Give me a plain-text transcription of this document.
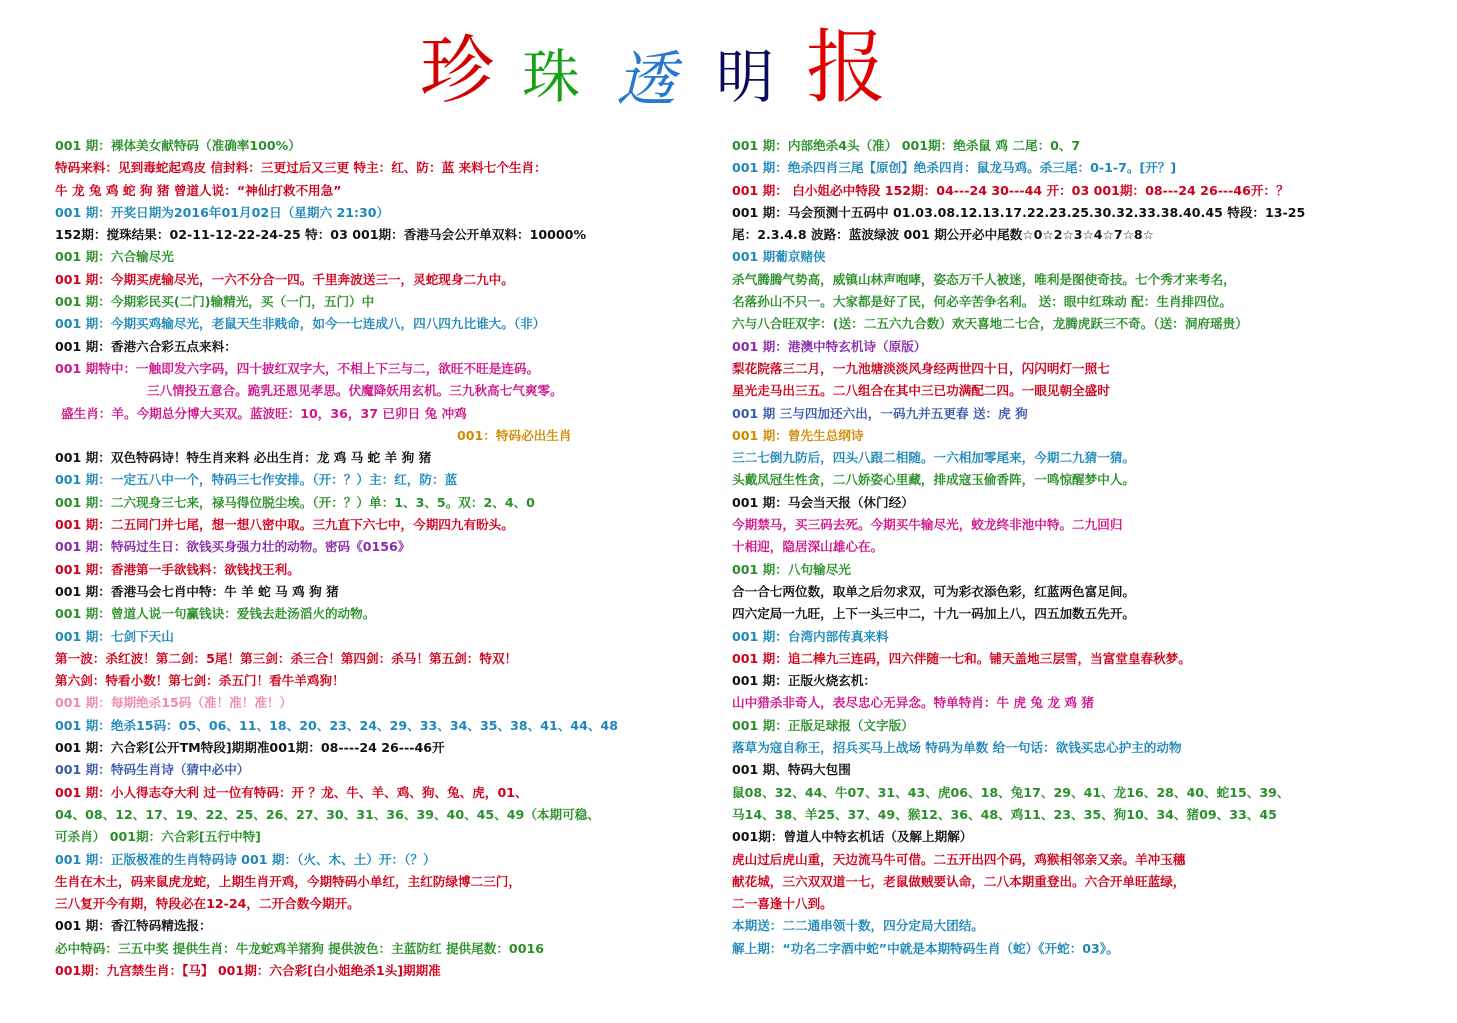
珍 珠 透 明 报
001 期：裸体美女献特码（准确率100%）
特码来料：见到毒蛇起鸡皮 信封料：三更过后又三更 特主：红、防：蓝 来料七个生肖：
牛 龙 兔 鸡 蛇 狗 猪 曾道人说：“神仙打救不用急”
001 期：开奖日期为2016年01月02日（星期六 21:30）
152期：搅珠结果：02-11-12-22-24-25 特：03 001期：香港马会公开单双料：10000%
001 期：六合输尽光
001 期：今期买虎输尽光，一六不分合一四。千里奔波送三一，灵蛇现身二九中。
001 期：今期彩民买(二门)输精光，买（一门，五门）中
001 期：今期买鸡输尽光，老鼠天生非贱命，如今一七连成八，四八四九比谁大。（非）
001 期：香港六合彩五点来料：
001 期特中：一触即发六字码，四十披红双字大，不相上下三与二，欲旺不旺是连码。
三八情投五意合。跪乳还恩见孝思。伏魔降妖用玄机。三九秋高七气爽零。
盛生肖：羊。今期总分博大买双。蓝波旺：10，36，37 已卯日 兔 冲鸡
001：特码必出生肖
001 期：双色特码诗！特生肖来料 必出生肖：龙 鸡 马 蛇 羊 狗 猪
001 期：一定五八中一个，特码三七作安排。（开：？）主：红，防：蓝
001 期：二六现身三七来，禄马得位脱尘埃。（开：？）单：1、3、5。双：2、4、0
001 期：二五同门并七尾，想一想八密中取。三九直下六七中，今期四九有盼头。
001 期：特码过生日：欲钱买身强力壮的动物。密码《0156》
001 期：香港第一手欲钱料：欲钱找王利。
001 期：香港马会七肖中特：牛 羊 蛇 马 鸡 狗 猪
001 期：曾道人说一句赢钱诀：爱钱去赴汤滔火的动物。
001 期：七剑下天山
第一波：杀红波！第二剑：5尾！第三剑：杀三合！第四剑：杀马！第五剑：特双！
第六剑：特看小数！第七剑：杀五门！看牛羊鸡狗！
001 期：每期绝杀15码（准！准！准！）
001 期：绝杀15码：05、06、11、18、20、23、24、29、33、34、35、38、41、44、48
001 期：六合彩[公开TM特段]期期准001期：08----24 26---46开
001 期：特码生肖诗（猜中必中）
001 期：小人得志夺大利 过一位有特码：开 ？龙、牛、羊、鸡、狗、兔、虎，01、
04、08、12、17、19、22、25、26、27、30、31、36、39、40、45、49（本期可稳、
可杀肖） 001期：六合彩[五行中特]
001 期：正版极准的生肖特码诗 001 期：（火、木、土）开：（？）
生肖在木土，码来鼠虎龙蛇，上期生肖开鸡，今期特码小单红，主红防绿博二三门，
三八复开今有期，特段必在12-24，二开合数今期开。
001 期：香江特码精选报：
必中特码：三五中奖 提供生肖：牛龙蛇鸡羊猪狗 提供波色：主蓝防红 提供尾数：0016
001期：九宫禁生肖：【马】 001期：六合彩[白小姐绝杀1头]期期准
001 期：内部绝杀4头（准） 001期：绝杀鼠 鸡 二尾：0、7
001 期：绝杀四肖三尾【原创】绝杀四肖：鼠龙马鸡。杀三尾：0-1-7。[开？]
001 期： 白小姐必中特段 152期：04---24 30---44 开：03 001期：08---24 26---46开：？
001 期：马会预测十五码中 01.03.08.12.13.17.22.23.25.30.32.33.38.40.45 特段：13-25
尾：2.3.4.8 波路：蓝波绿波 001 期公开必中尾数☆0☆2☆3☆4☆7☆8☆
001 期葡京赌侠
杀气腾腾气势高，威镇山林声咆哮，姿态万千人被迷，唯利是图使奇技。七个秀才来考名，
名落孙山不只一。大家都是好了民，何必辛苦争名利。 送：眼中红珠动 配：生肖排四位。
六与八合旺双字：(送：二五六九合数）欢天喜地二七合，龙腾虎跃三不奇。（送：洞府瑶贵）
001 期：港澳中特玄机诗（原版）
梨花院落三二月，一九池塘淡淡风身经两世四十日，闪闪明灯一照七
星光走马出三五。二八组合在其中三已功满配二四。一眼见朝全盛时
001 期 三与四加还六出，一码九并五更春 送：虎 狗
001 期：曾先生总纲诗
三二七倒九防后，四头八跟二相随。一六相加零尾来，今期二九猜一猜。
头戴凤冠生性贪，二八娇姿心里藏，排成寇玉偷香阵，一鸣惊醒梦中人。
001 期：马会当天报（休门经）
今期禁马，买三码去死。今期买牛输尽光，蛟龙终非池中特。二九回归
十相迎，隐居深山雄心在。
001 期：八句输尽光
合一合七两位数，取单之后勿求双，可为彩衣添色彩，红蓝两色富足间。
四六定局一九旺，上下一头三中二，十九一码加上八，四五加数五先开。
001 期：台湾内部传真来料
001 期：追二棒九三连码，四六伴随一七和。铺天盖地三层雪，当富堂皇春秋梦。
001 期：正版火烧玄机：
山中猎杀非奇人，表尽忠心无异念。特单特肖：牛 虎 兔 龙 鸡 猪
001 期：正版足球报（文字版）
落草为寇自称王，招兵买马上战场 特码为单数 给一句话：欲钱买忠心护主的动物
001 期、特码大包围
鼠08、32、44、牛07、31、43、虎06、18、兔17、29、41、龙16、28、40、蛇15、39、
马14、38、羊25、37、49、猴12、36、48、鸡11、23、35、狗10、34、猪09、33、45
001期：曾道人中特玄机话（及解上期解）
虎山过后虎山重，天边流马牛可借。二五开出四个码，鸡猴相邻亲又亲。羊冲玉穗
献花城，三六双双道一七，老鼠做贼要认命，二八本期重登出。六合开单旺蓝绿，
二一喜逢十八到。
本期送：二二通串领十数，四分定局大团结。
解上期：“功名二字酒中蛇”中就是本期特码生肖（蛇）《开蛇：03》。
